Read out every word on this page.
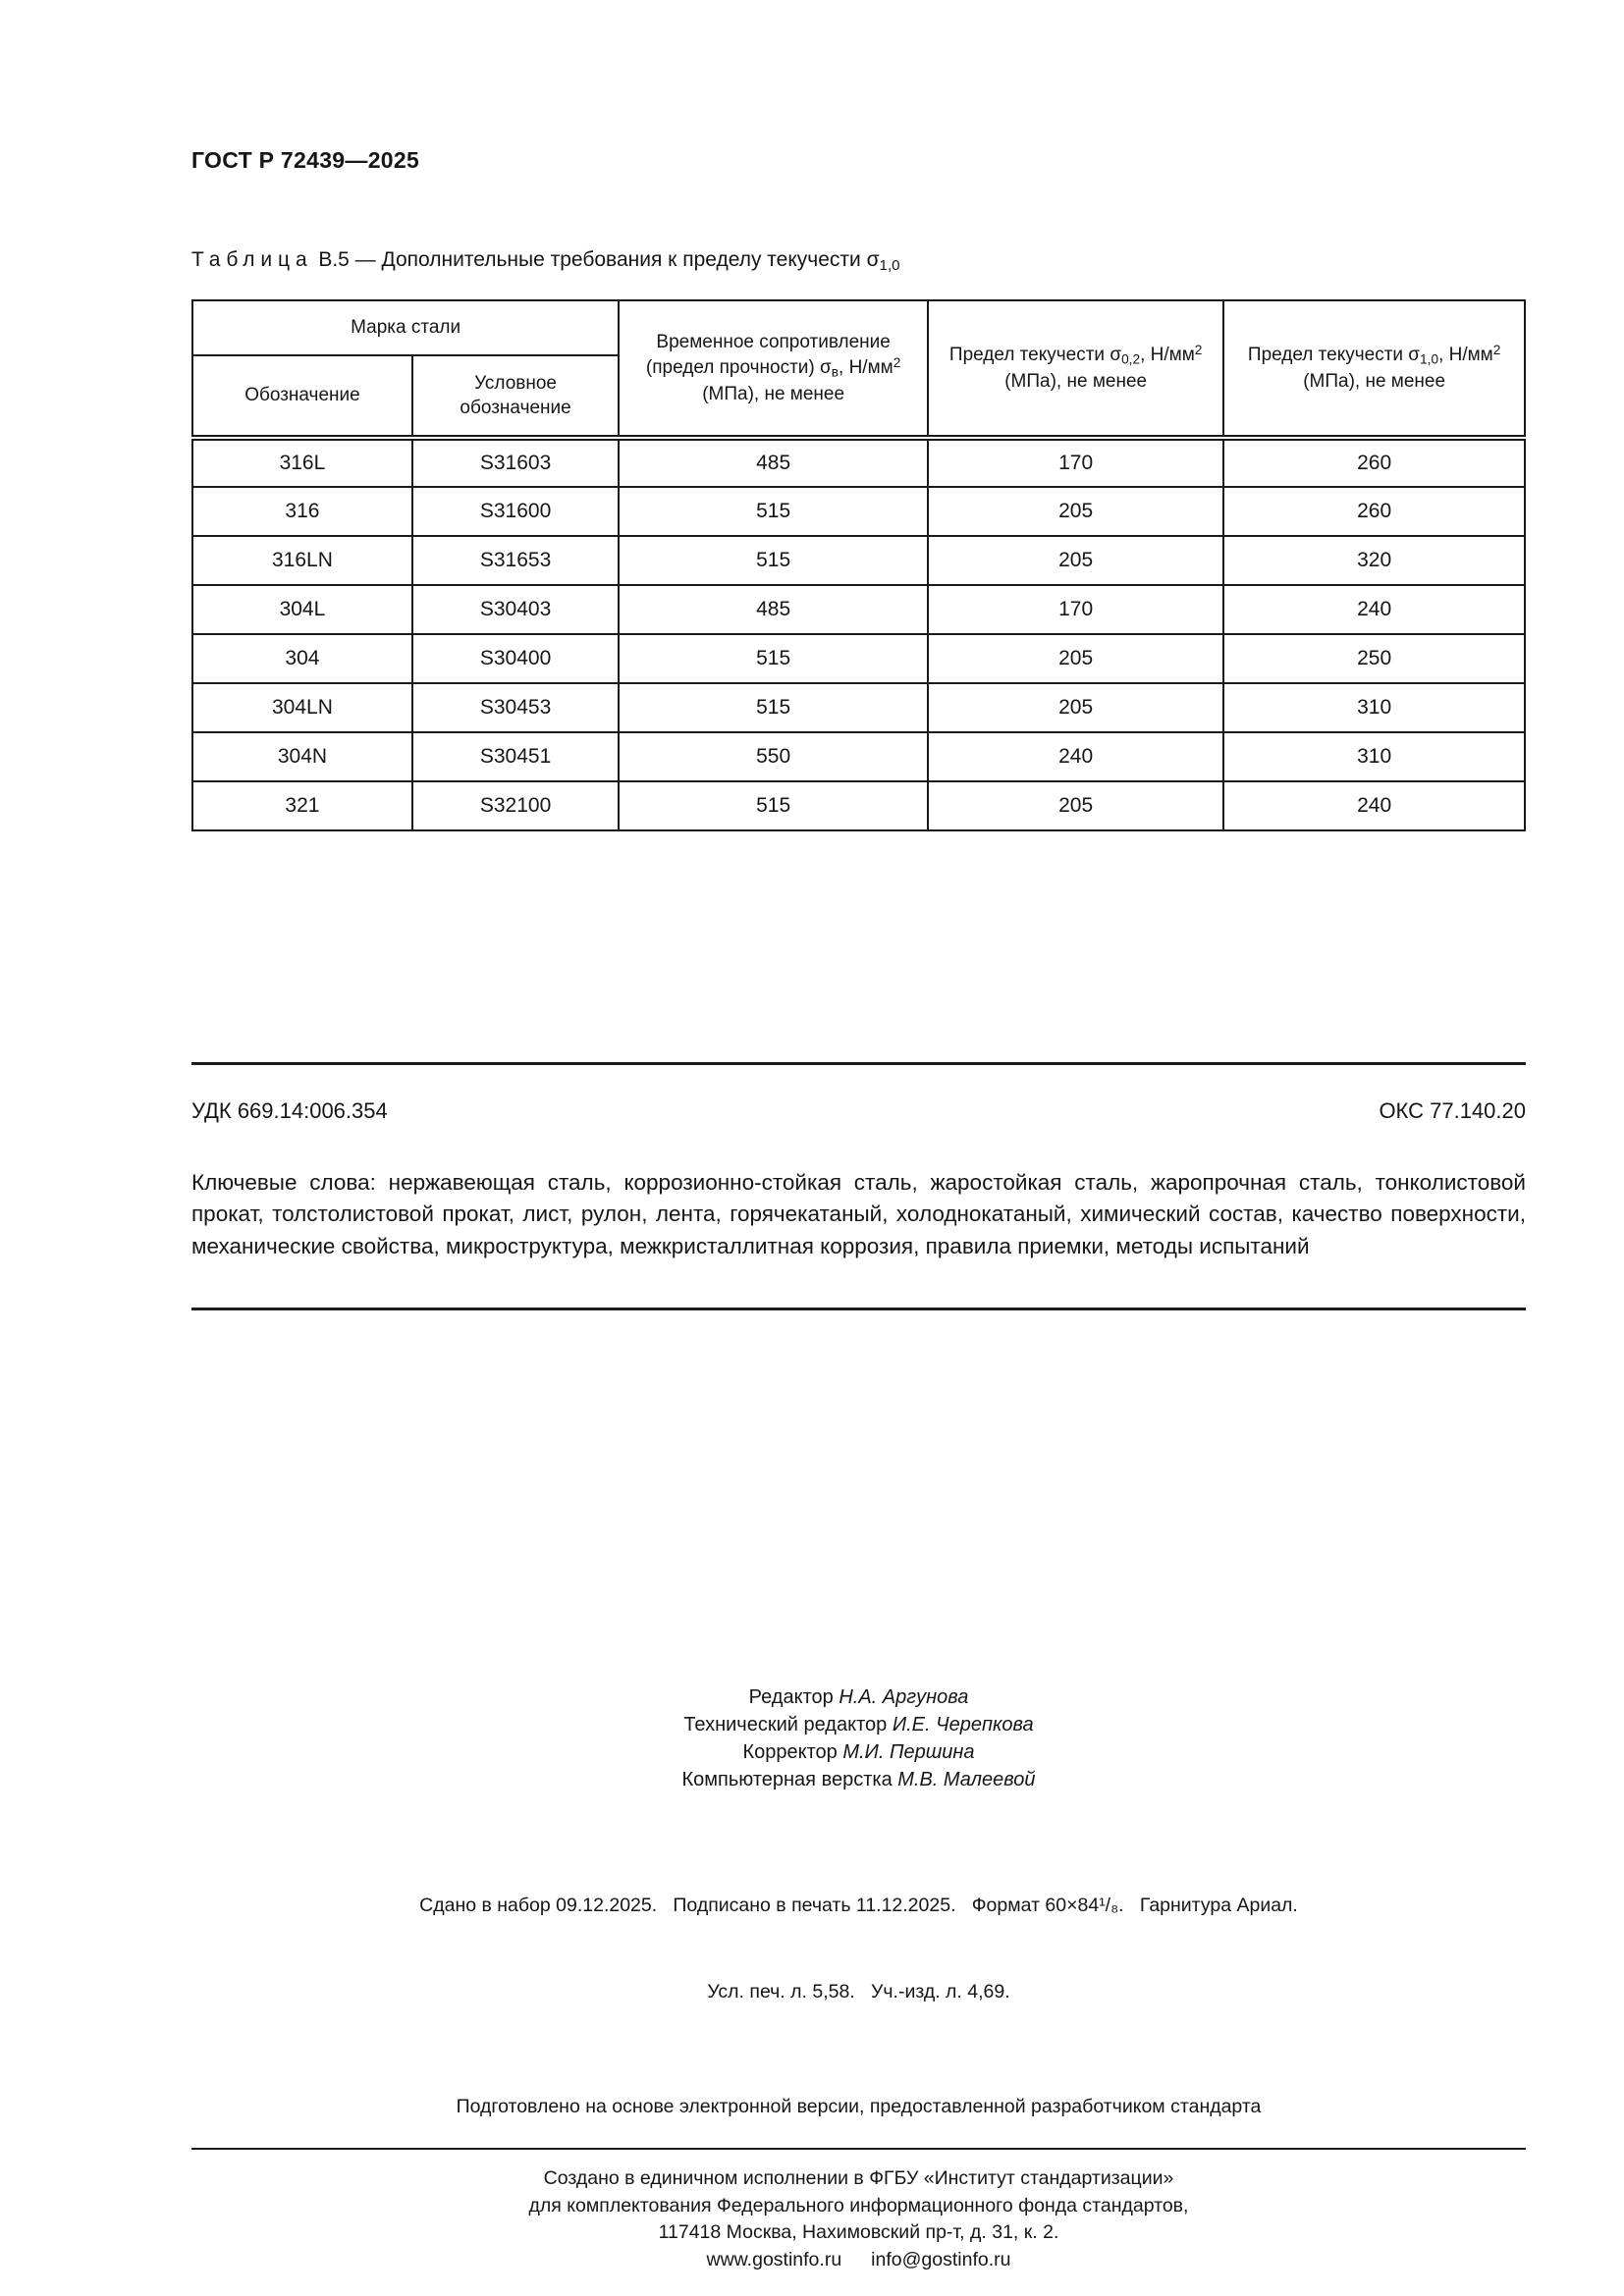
ГОСТ Р 72439—2025
Таблица В.5 — Дополнительные требования к пределу текучести $\sigma_{1,0}$
Марка стали		Временное сопротивление (предел прочности) $\sigma_в$, $Н/мм^2$ (МПа), не менее	Предел текучести $\sigma_{0,2}$, $Н/мм^2$ (МПа), не менее	Предел текучести $\sigma_{1,0}$, $Н/мм^2$ (МПа), не менее
Обозначение	Условное обозначение			
316L	S31603	485	170	260
316	S31600	515	205	260
316LN	S31653	515	205	320
304L	S30403	485	170	240
304	S30400	515	205	250
304LN	S30453	515	205	310
304N	S30451	550	240	310
321	S32100	515	205	240
УДК 669.14:006.354	ОКС 77.140.20

Ключевые слова: нержавеющая сталь, коррозионно-стойкая сталь, жаростойкая сталь, жаропрочная сталь, тонколистовой прокат, толстолистовой прокат, лист, рулон, лента, горячекатаный, холоднокатаный, химический состав, качество поверхности, механические свойства, микроструктура, межкристаллитная коррозия, правила приемки, методы испытаний

Редактор Н.А. Аргунова
Технический редактор И.Е. Черепкова
Корректор М.И. Першина
Компьютерная верстка М.В. Малеевой

Сдано в набор 09.12.2025.   Подписано в печать 11.12.2025.   Формат 60×84¹/₈.   Гарнитура Ариал.

Усл. печ. л. 5,58.   Уч.-изд. л. 4,69.

Подготовлено на основе электронной версии, предоставленной разработчиком стандарта
Создано в единичном исполнении в ФГБУ «Институт стандартизации»
для комплектования Федерального информационного фонда стандартов,
117418 Москва, Нахимовский пр-т, д. 31, к. 2.
www.gostinfo.ru info@gostinfo.ru
